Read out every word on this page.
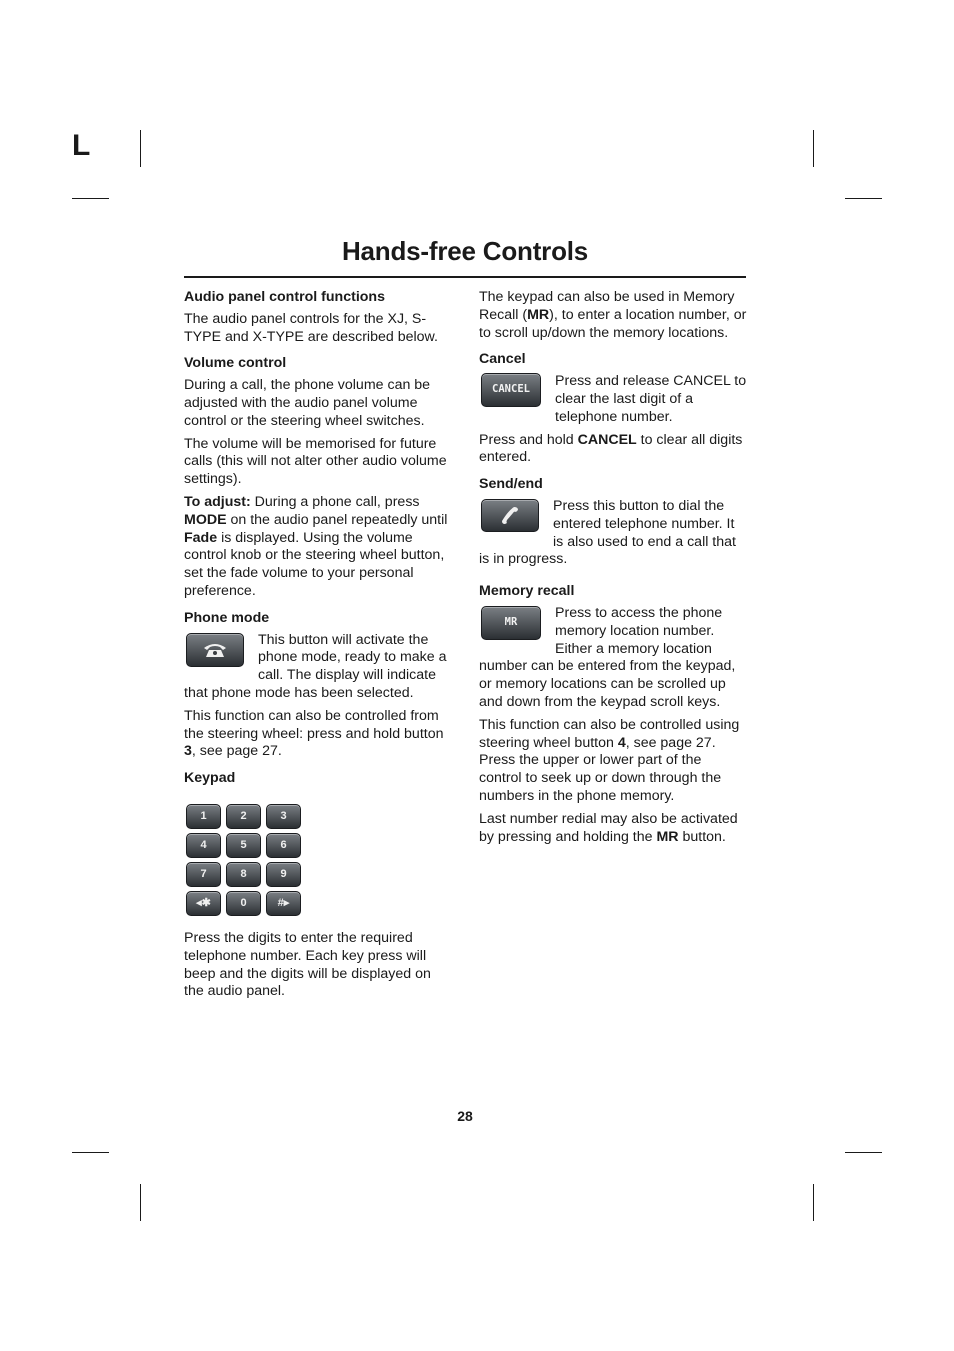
L
Hands-free Controls
Audio panel control functions

The audio panel controls for the XJ, S-TYPE and X-TYPE are described below.

Volume control

During a call, the phone volume can be adjusted with the audio panel volume control or the steering wheel switches.

The volume will be memorised for future calls (this will not alter other audio volume settings).

To adjust: During a phone call, press MODE on the audio panel repeatedly until Fade is displayed. Using the volume control knob or the steering wheel button, set the fade volume to your personal preference.

Phone mode

This button will activate the phone mode, ready to make a call. The display will indicate that phone mode has been selected.

This function can also be controlled from the steering wheel: press and hold button 3, see page 27.

Keypad
1	2	3
4	5	6
7	8	9
◂✱	0	#▸

Press the digits to enter the required telephone number. Each key press will beep and the digits will be displayed on the audio panel.

The keypad can also be used in Memory Recall (MR), to enter a location number, or to scroll up/down the memory locations.

Cancel
CANCEL

Press and release CANCEL to clear the last digit of a telephone number.

Press and hold CANCEL to clear all digits entered.

Send/end

Press this button to dial the entered telephone number. It is also used to end a call that is in progress.

Memory recall
MR

Press to access the phone memory location number. Either a memory location number can be entered from the keypad, or memory locations can be scrolled up and down from the keypad scroll keys.

This function can also be controlled using steering wheel button 4, see page 27. Press the upper or lower part of the control to seek up or down through the numbers in the phone memory.

Last number redial may also be activated by pressing and holding the MR button.

28
